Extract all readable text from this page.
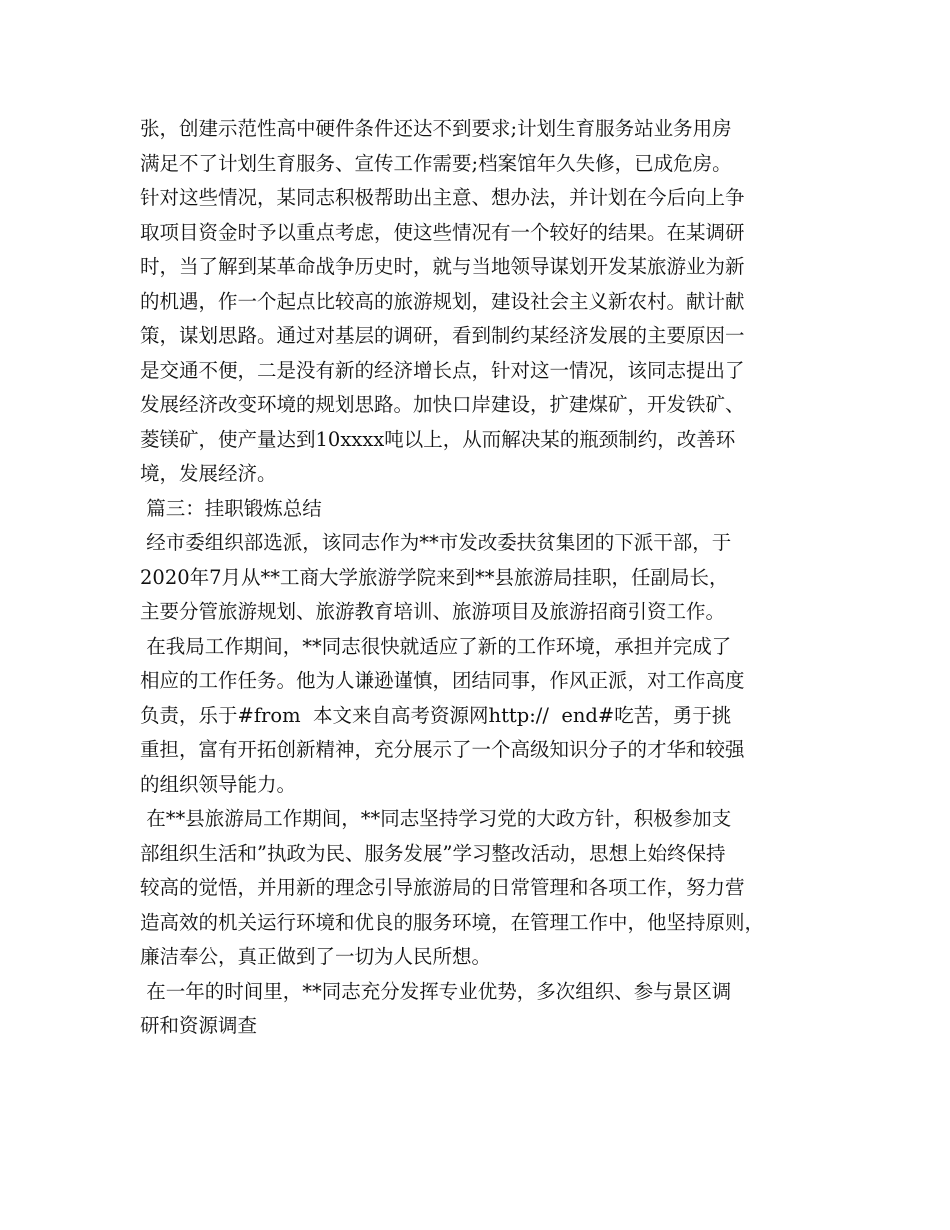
张，创建示范性高中硬件条件还达不到要求;计划生育服务站业务用房
满足不了计划生育服务、宣传工作需要;档案馆年久失修，已成危房。
针对这些情况，某同志积极帮助出主意、想办法，并计划在今后向上争
取项目资金时予以重点考虑，使这些情况有一个较好的结果。在某调研
时，当了解到某革命战争历史时，就与当地领导谋划开发某旅游业为新
的机遇，作一个起点比较高的旅游规划，建设社会主义新农村。献计献
策，谋划思路。通过对基层的调研，看到制约某经济发展的主要原因一
是交通不便，二是没有新的经济增长点，针对这一情况，该同志提出了
发展经济改变环境的规划思路。加快口岸建设，扩建煤矿，开发铁矿、
菱镁矿，使产量达到10xxxx吨以上，从而解决某的瓶颈制约，改善环
境，发展经济。
篇三：挂职锻炼总结
经市委组织部选派，该同志作为**市发改委扶贫集团的下派干部，于
2020年7月从**工商大学旅游学院来到**县旅游局挂职，任副局长，
主要分管旅游规划、旅游教育培训、旅游项目及旅游招商引资工作。
在我局工作期间，**同志很快就适应了新的工作环境，承担并完成了
相应的工作任务。他为人谦逊谨慎，团结同事，作风正派，对工作高度
负责，乐于#from  本文来自高考资源网http://  end#吃苦，勇于挑
重担，富有开拓创新精神，充分展示了一个高级知识分子的才华和较强
的组织领导能力。
在**县旅游局工作期间，**同志坚持学习党的大政方针，积极参加支
部组织生活和”执政为民、服务发展”学习整改活动，思想上始终保持
较高的觉悟，并用新的理念引导旅游局的日常管理和各项工作，努力营
造高效的机关运行环境和优良的服务环境，在管理工作中，他坚持原则，
廉洁奉公，真正做到了一切为人民所想。
在一年的时间里，**同志充分发挥专业优势，多次组织、参与景区调
研和资源调查
